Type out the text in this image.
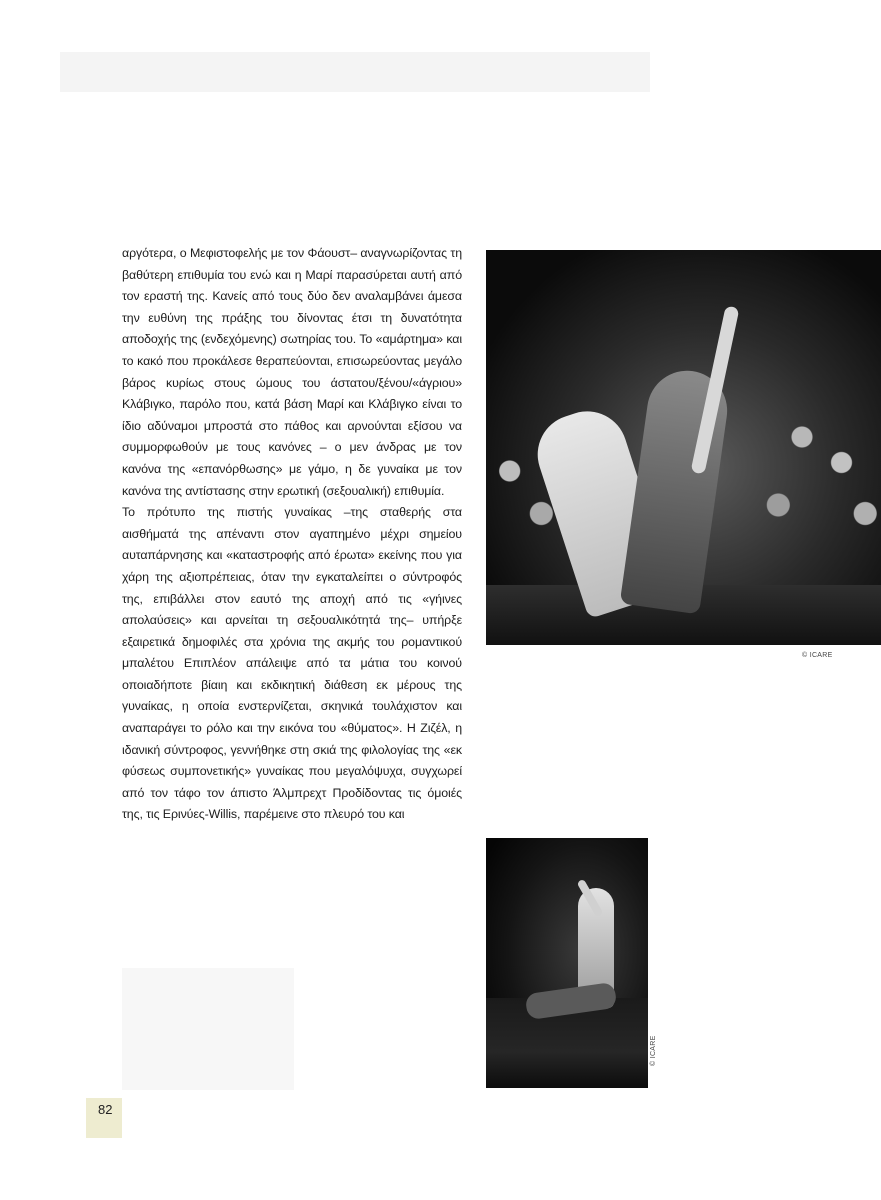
αργότερα, ο Μεφιστοφελής με τον Φάουστ– αναγνωρίζοντας τη βαθύτερη επιθυμία του ενώ και η Μαρί παρασύρεται αυτή από τον εραστή της. Κανείς από τους δύο δεν αναλαμβάνει άμεσα την ευθύνη της πράξης του δίνοντας έτσι τη δυνατότητα αποδοχής της (ενδεχόμενης) σωτηρίας του. Το «αμάρτημα» και το κακό που προκάλεσε θεραπεύονται, επισωρεύοντας μεγάλο βάρος κυρίως στους ώμους του άστατου/ξένου/«άγριου» Κλάβιγκο, παρόλο που, κατά βάση Μαρί και Κλάβιγκο είναι το ίδιο αδύναμοι μπροστά στο πάθος και αρνούνται εξίσου να συμμορφωθούν με τους κανόνες – ο μεν άνδρας με τον κανόνα της «επανόρθωσης» με γάμο, η δε γυναίκα με τον κανόνα της αντίστασης στην ερωτική (σεξουαλική) επιθυμία.

Το πρότυπο της πιστής γυναίκας –της σταθερής στα αισθήματά της απέναντι στον αγαπημένο μέχρι σημείου αυταπάρνησης και «καταστροφής από έρωτα» εκείνης που για χάρη της αξιοπρέπειας, όταν την εγκαταλείπει ο σύντροφός της, επιβάλλει στον εαυτό της αποχή από τις «γήινες απολαύσεις» και αρνείται τη σεξουαλικότητά της– υπήρξε εξαιρετικά δημοφιλές στα χρόνια της ακμής του ρομαντικού μπαλέτου Επιπλέον απάλειψε από τα μάτια του κοινού οποιαδήποτε βίαιη και εκδικητική διάθεση εκ μέρους της γυναίκας, η οποία ενστερνίζεται, σκηνικά τουλάχιστον και αναπαράγει το ρόλο και την εικόνα του «θύματος». Η Ζιζέλ, η ιδανική σύντροφος, γεννήθηκε στη σκιά της φιλολογίας της «εκ φύσεως συμπονετικής» γυναίκας που μεγαλόψυχα, συγχωρεί από τον τάφο τον άπιστο Άλμπρεχτ Προδίδοντας τις όμοιές της, τις Ερινύες-Willis, παρέμεινε στο πλευρό του και

© ICARE
© ICARE
82
